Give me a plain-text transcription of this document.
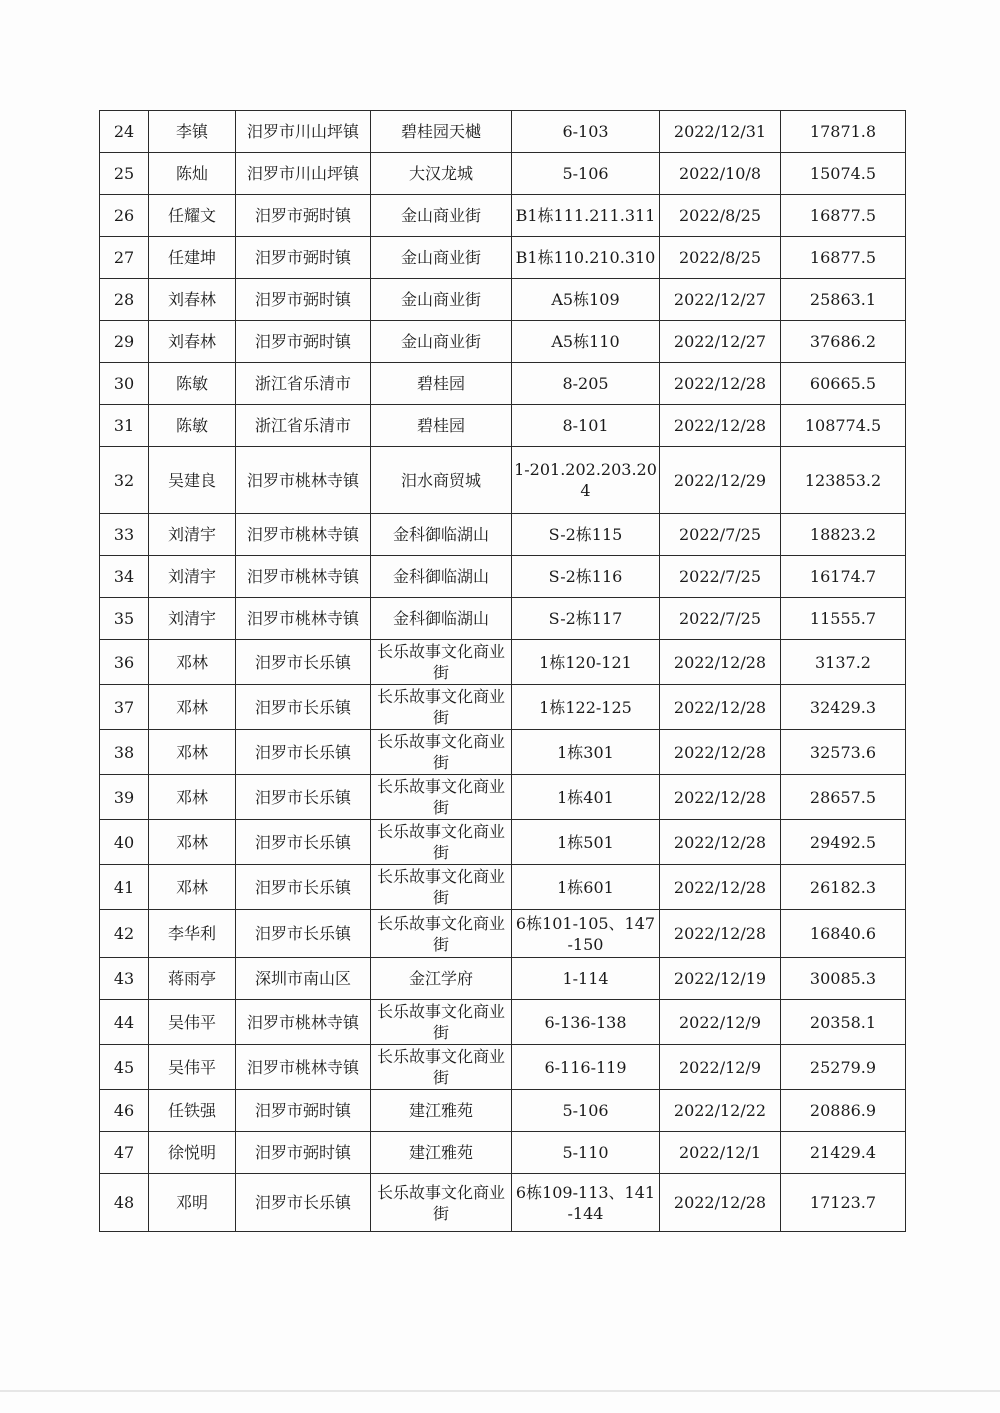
24	李镇	汨罗市川山坪镇	碧桂园天樾	6-103	2022/12/31	17871.8
25	陈灿	汨罗市川山坪镇	大汉龙城	5-106	2022/10/8	15074.5
26	任耀文	汨罗市弼时镇	金山商业街	B1栋111.211.311	2022/8/25	16877.5
27	任建坤	汨罗市弼时镇	金山商业街	B1栋110.210.310	2022/8/25	16877.5
28	刘春林	汨罗市弼时镇	金山商业街	A5栋109	2022/12/27	25863.1
29	刘春林	汨罗市弼时镇	金山商业街	A5栋110	2022/12/27	37686.2
30	陈敏	浙江省乐清市	碧桂园	8-205	2022/12/28	60665.5
31	陈敏	浙江省乐清市	碧桂园	8-101	2022/12/28	108774.5
32	吴建良	汨罗市桃林寺镇	汨水商贸城	1-201.202.203.204	2022/12/29	123853.2
33	刘清宇	汨罗市桃林寺镇	金科御临湖山	S-2栋115	2022/7/25	18823.2
34	刘清宇	汨罗市桃林寺镇	金科御临湖山	S-2栋116	2022/7/25	16174.7
35	刘清宇	汨罗市桃林寺镇	金科御临湖山	S-2栋117	2022/7/25	11555.7
36	邓林	汨罗市长乐镇	长乐故事文化商业街	1栋120-121	2022/12/28	3137.2
37	邓林	汨罗市长乐镇	长乐故事文化商业街	1栋122-125	2022/12/28	32429.3
38	邓林	汨罗市长乐镇	长乐故事文化商业街	1栋301	2022/12/28	32573.6
39	邓林	汨罗市长乐镇	长乐故事文化商业街	1栋401	2022/12/28	28657.5
40	邓林	汨罗市长乐镇	长乐故事文化商业街	1栋501	2022/12/28	29492.5
41	邓林	汨罗市长乐镇	长乐故事文化商业街	1栋601	2022/12/28	26182.3
42	李华利	汨罗市长乐镇	长乐故事文化商业街	6栋101-105、147-150	2022/12/28	16840.6
43	蒋雨亭	深圳市南山区	金江学府	1-114	2022/12/19	30085.3
44	吴伟平	汨罗市桃林寺镇	长乐故事文化商业街	6-136-138	2022/12/9	20358.1
45	吴伟平	汨罗市桃林寺镇	长乐故事文化商业街	6-116-119	2022/12/9	25279.9
46	任铁强	汨罗市弼时镇	建江雅苑	5-106	2022/12/22	20886.9
47	徐悦明	汨罗市弼时镇	建江雅苑	5-110	2022/12/1	21429.4
48	邓明	汨罗市长乐镇	长乐故事文化商业街	6栋109-113、141-144	2022/12/28	17123.7
